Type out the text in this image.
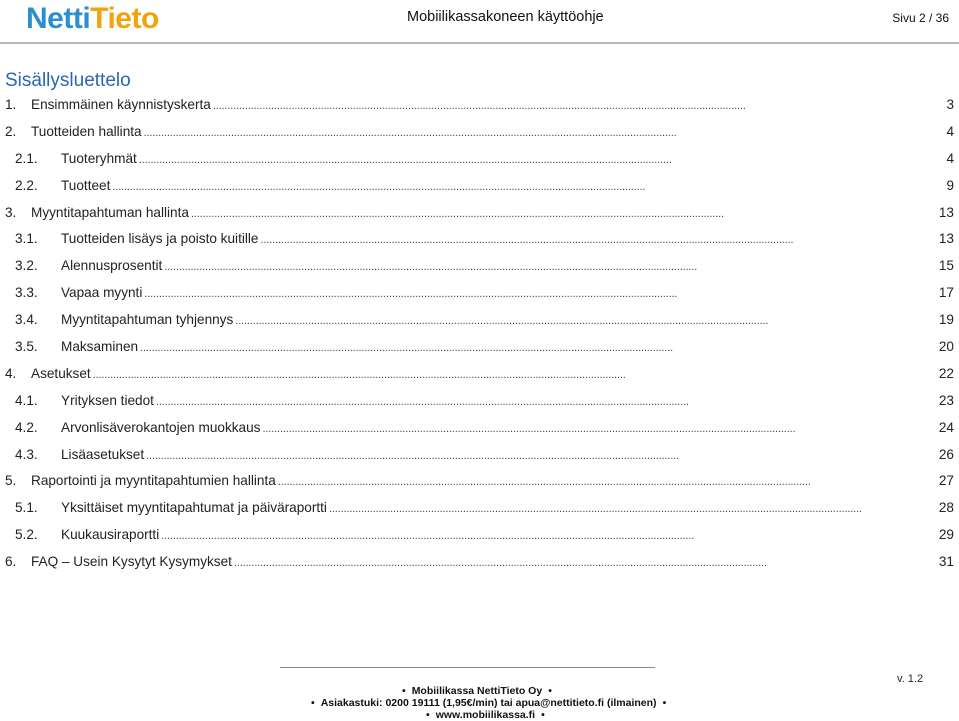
NettiTieto	Mobiilikassakoneen käyttöohje	Sivu 2 / 36
Sisällysluettelo
1.	Ensimmäinen käynnistyskerta . . .	3
2.	Tuotteiden hallinta . . .	4
2.1.	Tuoteryhmät . . .	4
2.2.	Tuotteet . . .	9
3.	Myyntitapahtuman hallinta . . .	13
3.1.	Tuotteiden lisäys ja poisto kuitille . . .	13
3.2.	Alennusprosentit . . .	15
3.3.	Vapaa myynti . . .	17
3.4.	Myyntitapahtuman tyhjennys . . .	19
3.5.	Maksaminen . . .	20
4.	Asetukset . . .	22
4.1.	Yrityksen tiedot . . .	23
4.2.	Arvonlisäverokantojen muokkaus . . .	24
4.3.	Lisäasetukset . . .	26
5.	Raportointi ja myyntitapahtumien hallinta . . .	27
5.1.	Yksittäiset myyntitapahtumat ja päiväraportti . . .	28
5.2.	Kuukausiraportti . . .	29
6.	FAQ – Usein Kysytyt Kysymykset . . .	31
v. 1.2
• Mobiilikassa NettiTieto Oy •
• Asiakastuki: 0200 19111 (1,95€/min) tai apua@nettitieto.fi (ilmainen) •
• www.mobiilikassa.fi •
